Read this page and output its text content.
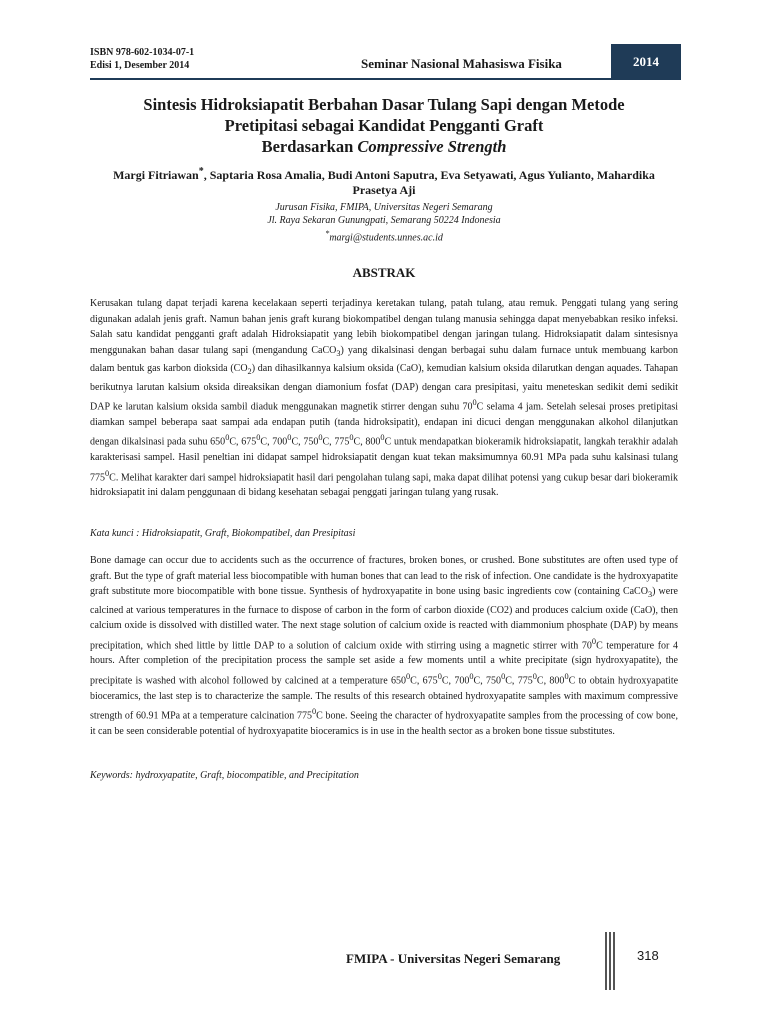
ISBN 978-602-1034-07-1
Edisi 1, Desember 2014	Seminar Nasional Mahasiswa Fisika	2014
Sintesis Hidroksiapatit Berbahan Dasar Tulang Sapi dengan Metode
Pretipitasi sebagai Kandidat Pengganti Graft
Berdasarkan Compressive Strength
Margi Fitriawan*, Saptaria Rosa Amalia, Budi Antoni Saputra, Eva Setyawati, Agus Yulianto, Mahardika
Prasetya Aji
Jurusan Fisika, FMIPA, Universitas Negeri Semarang
Jl. Raya Sekaran Gunungpati, Semarang 50224 Indonesia
*margi@students.unnes.ac.id
ABSTRAK
Kerusakan tulang dapat terjadi karena kecelakaan seperti terjadinya keretakan tulang, patah tulang, atau remuk. Penggati tulang yang sering digunakan adalah jenis graft. Namun bahan jenis graft kurang biokompatibel dengan tulang manusia sehingga dapat menyebabkan resiko infeksi. Salah satu kandidat pengganti graft adalah Hidroksiapatit yang lebih biokompatibel dengan jaringan tulang. Hidroksiapatit dalam sintesisnya menggunakan bahan dasar tulang sapi (mengandung CaCO$_3$) yang dikalsinasi dengan berbagai suhu dalam furnace untuk membuang karbon dalam bentuk gas karbon dioksida $(CO_2)$ dan dihasilkannya kalsium oksida (CaO), kemudian kalsium oksida dilarutkan dengan aquades. Tahapan berikutnya larutan kalsium oksida direaksikan dengan diamonium fosfat (DAP) dengan cara presipitasi, yaitu meneteskan sedikit demi sedikit DAP ke larutan kalsium oksida sambil diaduk menggunakan magnetik stirrer dengan suhu $70^0C$ selama 4 jam. Setelah selesai proses pretipitasi diamkan sampel beberapa saat sampai ada endapan putih (tanda hidroksipatit), endapan ini dicuci dengan menggunakan alkohol dilanjutkan dengan dikalsinasi pada suhu $650^0C$, $675^0C$, $700^0C$, $750^0C$, $775^0C$, $800^0C$ untuk mendapatkan biokeramik hidroksiapatit, langkah terakhir adalah karakterisasi sampel. Hasil peneltian ini didapat sampel hidroksiapatit dengan kuat tekan maksimumnya 60.91 MPa pada suhu kalsinasi tulang $775^0C$. Melihat karakter dari sampel hidroksiapatit hasil dari pengolahan tulang sapi, maka dapat dilihat potensi yang cukup besar dari biokeramik hidroksiapatit ini dalam penggunaan di bidang kesehatan sebagai penggati jaringan tulang yang rusak.
Kata kunci : Hidroksiapatit, Graft, Biokompatibel, dan Presipitasi
Bone damage can occur due to accidents such as the occurrence of fractures, broken bones, or crushed. Bone substitutes are often used type of graft. But the type of graft material less biocompatible with human bones that can lead to the risk of infection. One candidate is the hydroxyapatite graft substitute more biocompatible with bone tissue. Synthesis of hydroxyapatite in bone using basic ingredients cow (containing CaCO$_3$) were calcined at various temperatures in the furnace to dispose of carbon in the form of carbon dioxide (CO2) and produces calcium oxide (CaO), then calcium oxide is dissolved with distilled water. The next stage solution of calcium oxide is reacted with diammonium phosphate (DAP) by means precipitation, which shed little by little DAP to a solution of calcium oxide with stirring using a magnetic stirrer with $70^0C$ temperature for 4 hours. After completion of the precipitation process the sample set aside a few moments until a white precipitate (sign hydroxyapatite), the precipitate is washed with alcohol followed by calcined at a temperature $650^0C$, $675^0C$, $700^0C$, $750^0C$, $775^0C$, $800^0C$ to obtain hydroxyapatite bioceramics, the last step is to characterize the sample. The results of this research obtained hydroxyapatite samples with maximum compressive strength of 60.91 MPa at a temperature calcination $775^0C$ bone. Seeing the character of hydroxyapatite samples from the processing of cow bone, it can be seen considerable potential of hydroxyapatite bioceramics is in use in the health sector as a broken bone tissue substitutes.
Keywords: hydroxyapatite, Graft, biocompatible, and Precipitation
FMIPA - Universitas Negeri Semarang	318
